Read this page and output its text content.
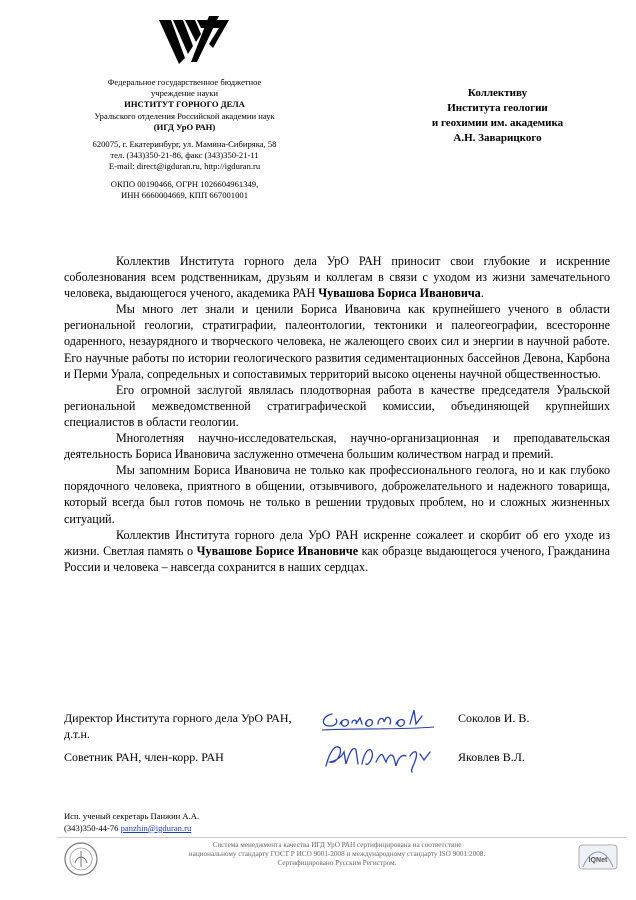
Федеральное государственное бюджетное
учреждение науки
ИНСТИТУТ ГОРНОГО ДЕЛА
Уральского отделения Российской академии наук
(ИГД УрО РАН)
620075, г. Екатеринбург, ул. Мамина-Сибиряка, 58
тел. (343)350-21-86, факс (343)350-21-11
E-mail: direct@igduran.ru, http://igduran.ru
ОКПО 00190466, ОГРН 1026604961349,
ИНН 6660004669, КПП 667001001
Коллективу
Института геологии
и геохимии им. академика
А.Н. Заварицкого

Коллектив Института горного дела УрО РАН приносит свои глубокие и искренние соболезнования всем родственникам, друзьям и коллегам в связи с уходом из жизни замечательного человека, выдающегося ученого, академика РАН Чувашова Бориса Ивановича.

Мы много лет знали и ценили Бориса Ивановича как крупнейшего ученого в области региональной геологии, стратиграфии, палеонтологии, тектоники и палеогеографии, всесторонне одаренного, незаурядного и творческого человека, не жалеющего своих сил и энергии в научной работе. Его научные работы по истории геологического развития седиментационных бассейнов Девона, Карбона и Перми Урала, сопредельных и сопоставимых территорий высоко оценены научной общественностью.

Его огромной заслугой являлась плодотворная работа в качестве председателя Уральской региональной межведомственной стратиграфической комиссии, объединяющей крупнейших специалистов в области геологии.

Многолетняя научно-исследовательская, научно-организационная и преподавательская деятельность Бориса Ивановича заслуженно отмечена большим количеством наград и премий.

Мы запомним Бориса Ивановича не только как профессионального геолога, но и как глубоко порядочного человека, приятного в общении, отзывчивого, доброжелательного и надежного товарища, который всегда был готов помочь не только в решении трудовых проблем, но и сложных жизненных ситуаций.

Коллектив Института горного дела УрО РАН искренне сожалеет и скорбит об его уходе из жизни. Светлая память о Чувашове Борисе Ивановиче как образце выдающегося ученого, Гражданина России и человека – навсегда сохранится в наших сердцах.

Директор Института горного дела УрО РАН, д.т.н.
Соколов И. В.
Советник РАН, член-корр. РАН	Яковлев В.Л.
Исп. ученый секретарь Панжин А.А.
(343)350-44-76 panzhin@igduran.ru
Система менеджмента качества ИГД УрО РАН сертифицирована на соответствие
национальному стандарту ГОСТ Р ИСО 9001-2008 и международному стандарту ISO 9001:2008.
Сертифицировано Русским Регистром.	IQNet
